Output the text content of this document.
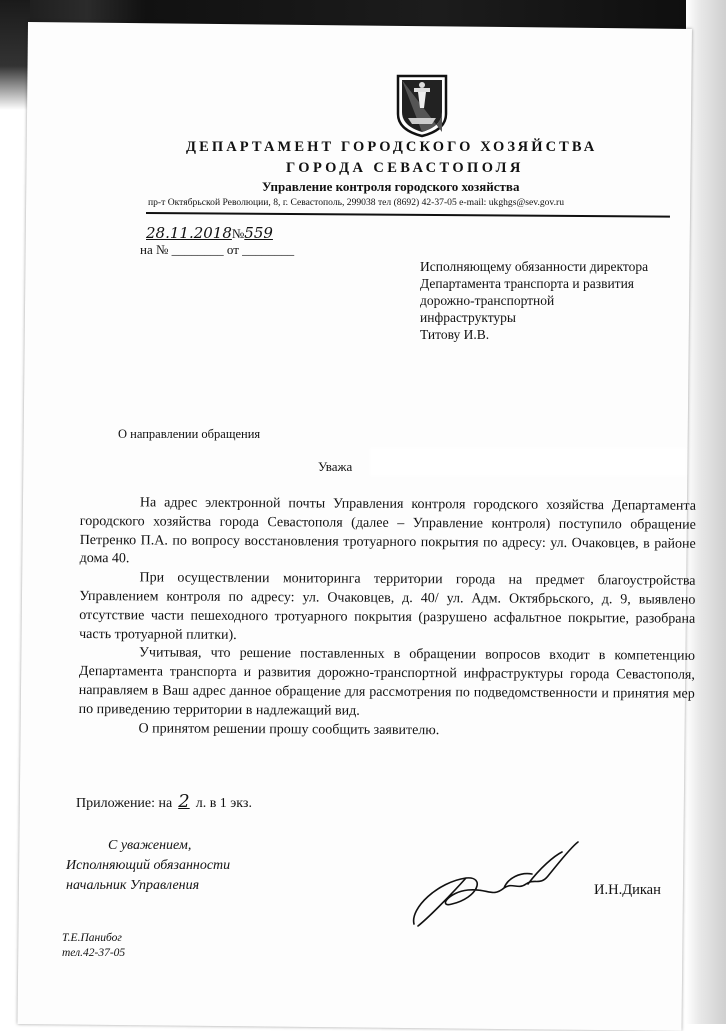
ДЕПАРТАМЕНТ ГОРОДСКОГО ХОЗЯЙСТВА
ГОРОДА СЕВАСТОПОЛЯ
Управление контроля городского хозяйства
пр-т Октябрьской Революции, 8, г. Севастополь, 299038 тел (8692) 42-37-05 e-mail: ukghgs@sev.gov.ru
28.11.2018№559
на № ________ от ________
Исполняющему обязанности директора
Департамента транспорта и развития
дорожно-транспортной
инфраструктуры
Титову И.В.
О направлении обращения
Уважа

На адрес электронной почты Управления контроля городского хозяйства Департамента городского хозяйства города Севастополя (далее – Управление контроля) поступило обращение Петренко П.А. по вопросу восстановления тротуарного покрытия по адресу: ул. Очаковцев, в районе дома 40.

При осуществлении мониторинга территории города на предмет благоустройства Управлением контроля по адресу: ул. Очаковцев, д. 40/ ул. Адм. Октябрьского, д. 9, выявлено отсутствие части пешеходного тротуарного покрытия (разрушено асфальтное покрытие, разобрана часть тротуарной плитки).

Учитывая, что решение поставленных в обращении вопросов входит в компетенцию Департамента транспорта и развития дорожно-транспортной инфраструктуры города Севастополя, направляем в Ваш адрес данное обращение для рассмотрения по подведомственности и принятия мер по приведению территории в надлежащий вид.

О принятом решении прошу сообщить заявителю.

Приложение: на 2 л. в 1 экз.
С уважением,
Исполняющий обязанности
начальник Управления	И.Н.Дикан
Т.Е.Панибог
тел.42-37-05
